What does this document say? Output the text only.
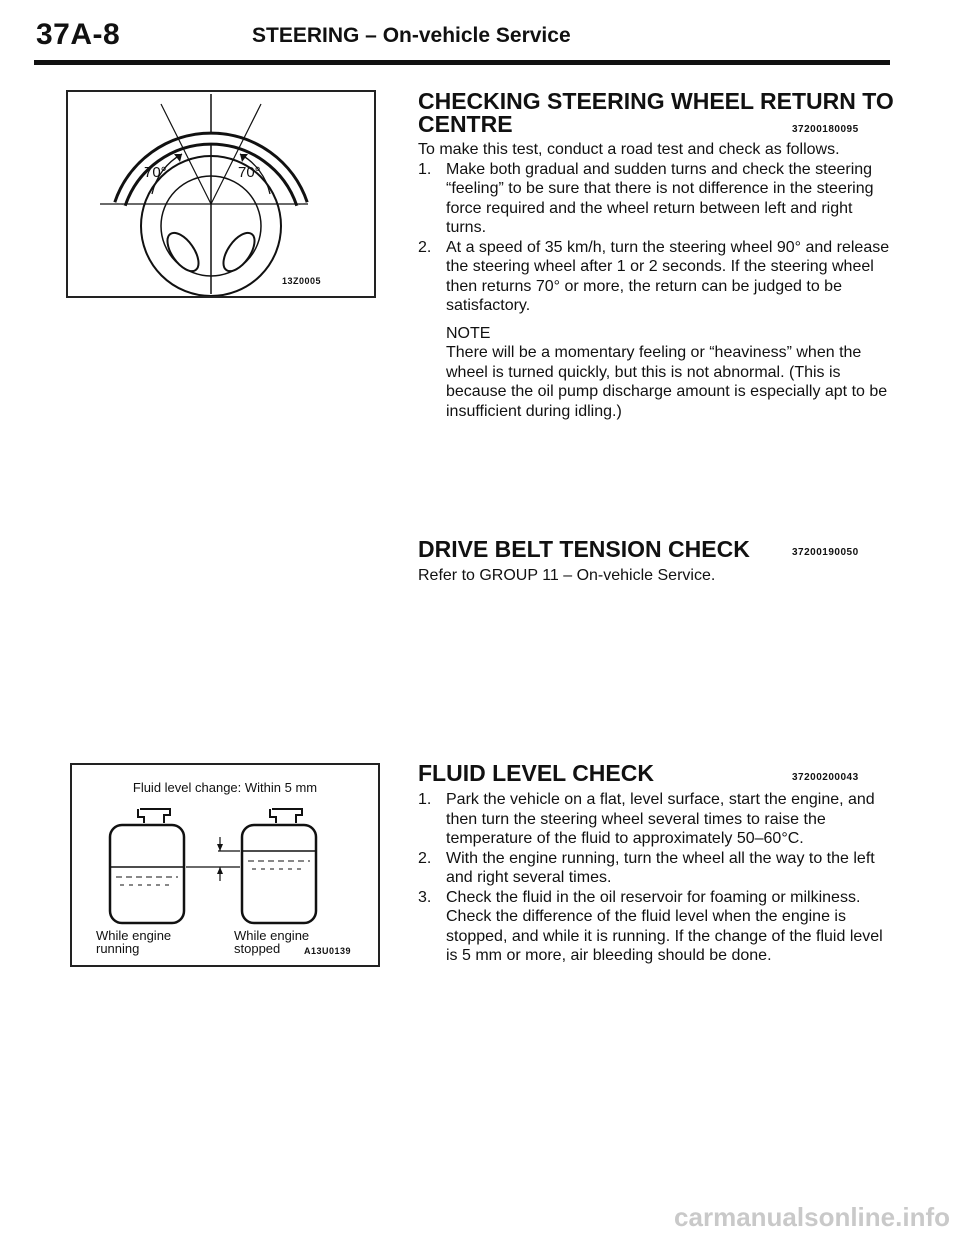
37A-8	STEERING – On-vehicle Service
70°	70°
13Z0005
CHECKING STEERING WHEEL RETURN TO
CENTRE	37200180095

To make this test, conduct a road test and check as follows.

1. Make both gradual and sudden turns and check the steering “feeling” to be sure that there is not difference in the steering force required and the wheel return between left and right turns.
2. At a speed of 35 km/h, turn the steering wheel 90° and release the steering wheel after 1 or 2 seconds. If the steering wheel then returns 70° or more, the return can be judged to be satisfactory.

NOTE

There will be a momentary feeling or “heaviness” when the wheel is turned quickly, but this is not abnormal. (This is because the oil pump discharge amount is especially apt to be insufficient during idling.)

DRIVE BELT TENSION CHECK	37200190050
Refer to GROUP 11 – On-vehicle Service.
Fluid level change: Within 5 mm
While engine
running
While engine
stopped	A13U0139
FLUID LEVEL CHECK	37200200043
1. Park the vehicle on a flat, level surface, start the engine, and then turn the steering wheel several times to raise the temperature of the fluid to approximately 50–60°C.
2. With the engine running, turn the wheel all the way to the left and right several times.
3. Check the fluid in the oil reservoir for foaming or milkiness. Check the difference of the fluid level when the engine is stopped, and while it is running. If the change of the fluid level is 5 mm or more, air bleeding should be done.
carmanualsonline.info
